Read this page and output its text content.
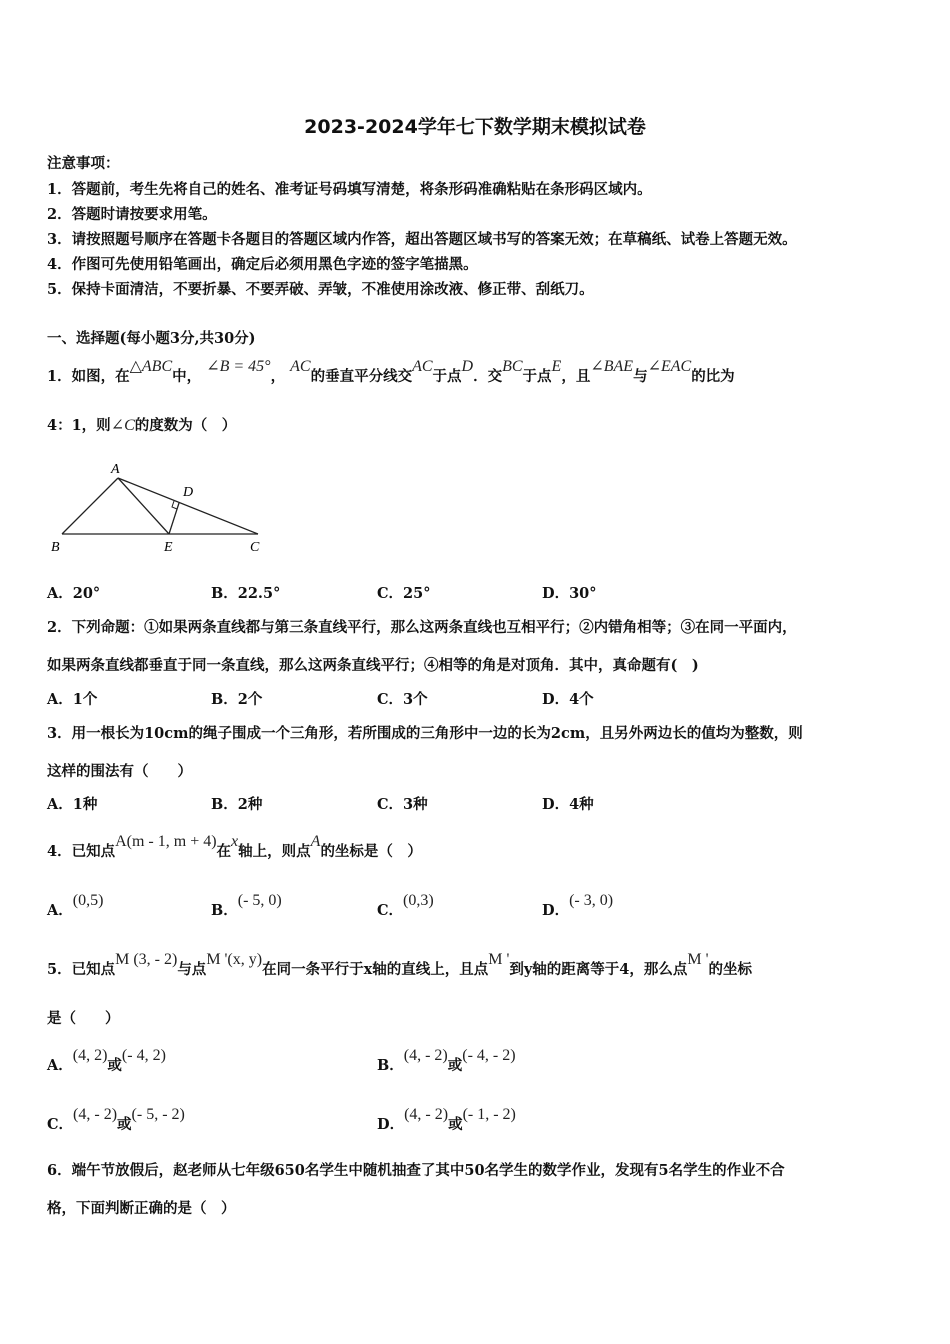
2023-2024学年七下数学期末模拟试卷
注意事项：
1．答题前，考生先将自己的姓名、准考证号码填写清楚，将条形码准确粘贴在条形码区域内。
2．答题时请按要求用笔。
3．请按照题号顺序在答题卡各题目的答题区域内作答，超出答题区域书写的答案无效；在草稿纸、试卷上答题无效。
4．作图可先使用铅笔画出，确定后必须用黑色字迹的签字笔描黑。
5．保持卡面清洁，不要折暴、不要弄破、弄皱，不准使用涂改液、修正带、刮纸刀。
一、选择题(每小题3分,共30分)
1．如图，在△ABC中， ∠B = 45°， AC的垂直平分线交AC于点D．交BC于点E，且∠BAE与∠EAC的比为
4：1，则∠C的度数为（　）
A
B	C
D
E
A．20°	B．22.5°	C．25°	D．30°
2．下列命题：①如果两条直线都与第三条直线平行，那么这两条直线也互相平行；②内错角相等；③在同一平面内，
如果两条直线都垂直于同一条直线，那么这两条直线平行；④相等的角是对顶角．其中，真命题有(　)
A．1个	B．2个	C．3个	D．4个
3．用一根长为10cm的绳子围成一个三角形，若所围成的三角形中一边的长为2cm，且另外两边长的值均为整数，则
这样的围法有（　　）
A．1种	B．2种	C．3种	D．4种
4．已知点A(m - 1, m + 4)在x轴上，则点A的坐标是（　）
A．(0,5)
B．(- 5, 0)
C．(0,3)
D．(- 3, 0)
5．已知点M (3, - 2)与点M '(x, y)在同一条平行于x轴的直线上，且点M '到y轴的距离等于4，那么点M '的坐标
是（　　）
A．(4, 2)或(- 4, 2)
B．(4, - 2)或(- 4, - 2)
C．(4, - 2)或(- 5, - 2)
D．(4, - 2)或(- 1, - 2)
6．端午节放假后，赵老师从七年级650名学生中随机抽查了其中50名学生的数学作业，发现有5名学生的作业不合
格，下面判断正确的是（　）
